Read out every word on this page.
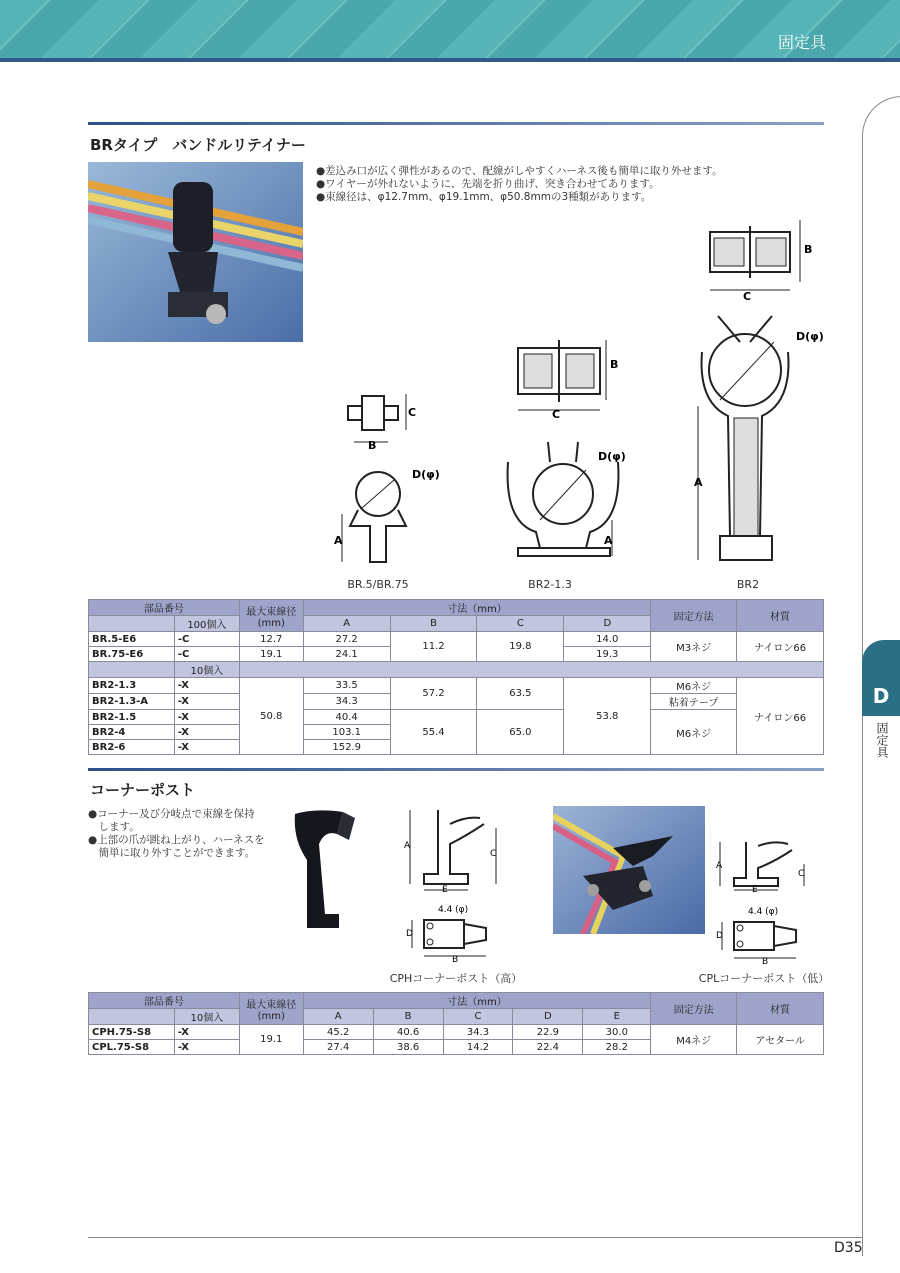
固定具
D
固定具
BRタイプ　バンドルリテイナー
●差込み口が広く弾性があるので、配線がしやすくハーネス後も簡単に取り外せます。
●ワイヤーが外れないように、先端を折り曲げ、突き合わせてあります。
●束線径は、φ12.7mm、φ19.1mm、φ50.8mmの3種類があります。
B
C
B
C
C
B
D(φ)
A
BR.5/BR.75
D(φ)
A
BR2-1.3
D(φ)
A
BR2
部品番号		最大束線径
(mm)	寸法（mm）				固定方法	材質
	100個入		A	B	C	D		
BR.5-E6	-C	12.7	27.2	11.2	19.8	14.0	M3ネジ	ナイロン66
BR.75-E6	-C	19.1	24.1			19.3		
	10個入							
BR2-1.3	-X	50.8	33.5	57.2	63.5	53.8	M6ネジ	ナイロン66
BR2-1.3-A	-X		34.3				粘着テープ	
BR2-1.5	-X		40.4	55.4	65.0		M6ネジ	
BR2-4	-X		103.1					
BR2-6	-X		152.9					
コーナーポスト
●コーナー及び分岐点で束線を保持
　します。
●上部の爪が跳ね上がり、ハーネスを
　簡単に取り外すことができます。
A
C
E
4.4 (φ)
D
B
CPHコーナーポスト（高）
A
C
E
4.4 (φ)
D
B
CPLコーナーポスト（低）
部品番号		最大束線径
(mm)	寸法（mm）					固定方法	材質
	10個入		A	B	C	D	E		
CPH.75-S8	-X	19.1	45.2	40.6	34.3	22.9	30.0	M4ネジ	アセタール
CPL.75-S8	-X		27.4	38.6	14.2	22.4	28.2		
D35
